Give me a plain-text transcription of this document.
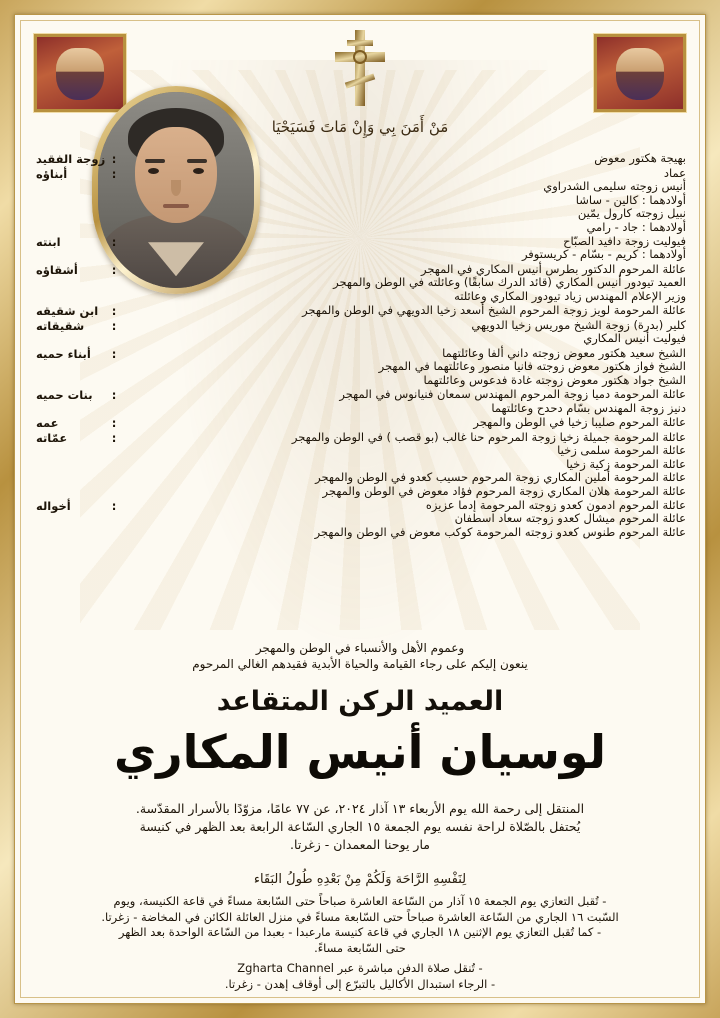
مَنْ أَمَنَ بِي وَإِنْ مَاتَ فَسَيَحْيَا
بهيجة هكتور معوض
:
زوجة الفقيد
عماد
أنيس زوجته سليمى الشدراوي
أولادهما : كالين - ساشا
نبيل زوجته كارول يمّين
أولادهما : جاد - رامي
:
أبناؤه
فيوليت زوجة دافيد الصبّاح
أولادهما : كريم - بسّام - كريستوفر
:
ابنته
عائلة المرحوم الدكتور بطرس أنيس المكاري في المهجر
العميد تيودور أنيس المكاري (قائد الدرك سابقًا) وعائلته في الوطن والمهجر
وزير الإعلام المهندس زياد تيودور المكاري وعائلته
:
أشقاؤه
عائلة المرحومة لويز زوجة المرحوم الشيخ أسعد زخيا الدويهي في الوطن والمهجر
:
ابن شقيقه
كلير (بدرة) زوجة الشيخ موريس زخيا الدويهي
فيوليت أنيس المكاري
:
شقيقاته
الشيخ سعيد هكتور معوض زوجته داني ألفا وعائلتهما
الشيخ فواز هكتور معوض زوجته فانيا منصور وعائلتهما في المهجر
الشيخ جواد هكتور معوض زوجته غادة فدعوس وعائلتهما
:
أبناء حميه
عائلة المرحومة دميا زوجة المرحوم المهندس سمعان فنيانوس في المهجر
دنيز زوجة المهندس بسّام دحدح وعائلتهما
:
بنات حميه
عائلة المرحوم صليبا زخيا في الوطن والمهجر
:
عمه
عائلة المرحومة جميلة زخيا زوجة المرحوم حنا غالب (بو قصب ) في الوطن والمهجر
عائلة المرحومة سلمى زخيا
عائلة المرحومة زكية زخيا
عائلة المرحومة أملين المكاري زوجة المرحوم حسيب كعدو في الوطن والمهجر
عائلة المرحومة هلان المكاري زوجة المرحوم فؤاد معوض في الوطن والمهجر
:
عمّاته
عائلة المرحوم ادمون كعدو زوجته المرحومة إدما عزيزه
عائلة المرحوم ميشال كعدو زوجته سعاد اسطفان
عائلة المرحوم طنوس كعدو زوجته المرحومة كوكب معوض في الوطن والمهجر
:
أخواله
وعموم الأهل والأنسباء في الوطن والمهجر
ينعون إليكم على رجاء القيامة والحياة الأبدية فقيدهم الغالي المرحوم
العميد الركن المتقاعد
لوسيان أنيس المكاري
المنتقل إلى رحمة الله يوم الأربعاء ١٣ آذار ٢٠٢٤، عن ٧٧ عامًا، مزوّدًا بالأسرار المقدّسة.
يُحتفل بالصّلاة لراحة نفسه يوم الجمعة ١٥ الجاري السّاعة الرابعة بعد الظهر في كنيسة
مار يوحنا المعمدان - زغرتا.
لِنَفْسِهِ الرَّاحَة وَلَكُمْ مِنْ بَعْدِهِ طُولُ البَقَاء
- تُقبل التعازي يوم الجمعة ١٥ آذار من السّاعة العاشرة صباحاً حتى السّابعة مساءً في قاعة الكنيسة، ويوم
السّبت ١٦ الجاري من السّاعة العاشرة صباحاً حتى السّابعة مساءً في منزل العائلة الكائن في المخاضة - زغرتا.
- كما تُقبل التعازي يوم الإثنين ١٨ الجاري في قاعة كنيسة مارعبدا - بعبدا من السّاعة الواحدة بعد الظهر
حتى السّابعة مساءً.
- تُنقل صلاة الدفن مباشرة عبر Zgharta Channel
- الرجاء استبدال الأكاليل بالتبرّع إلى أوقاف إهدن - زغرتا.
